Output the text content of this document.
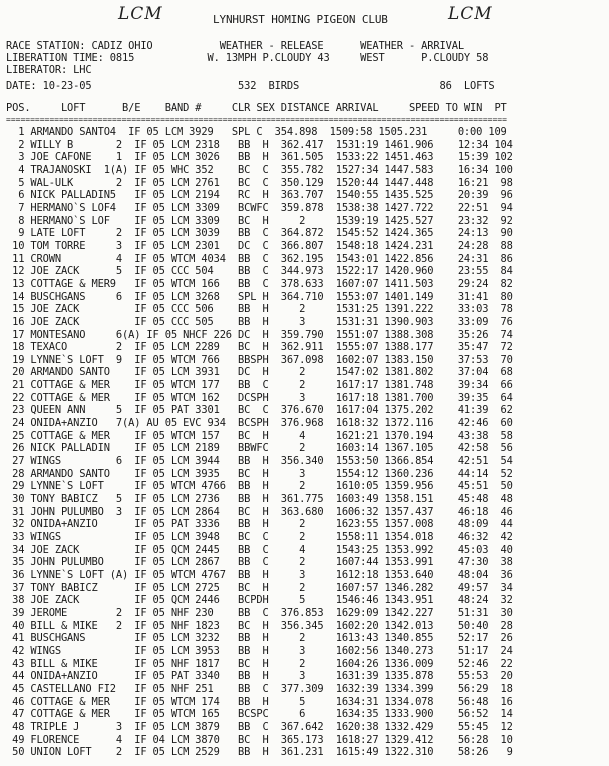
LCM	LCM
LYNHURST HOMING PIGEON CLUB
RACE STATION: CADIZ OHIO           WEATHER - RELEASE      WEATHER - ARRIVAL
LIBERATION TIME: 0815            W. 13MPH P.CLOUDY 43     WEST      P.CLOUDY 58
LIBERATOR: LHC
DATE: 10-23-05                        532  BIRDS                       86  LOFTS
POS.     LOFT      B/E    BAND #     CLR SEX DISTANCE ARRIVAL     SPEED TO WIN  PT
========================================================================================================
1 ARMANDO SANTO4  IF 05 LCM 3929   SPL C  354.898  1509:58 1505.231     0:00 109
2 WILLY B       2  IF 05 LCM 2318   BB  H  362.417  1531:19 1461.906    12:34 104
3 JOE CAFONE    1  IF 05 LCM 3026   BB  H  361.505  1533:22 1451.463    15:39 102
4 TRAJANOSKI  1(A) IF 05 WHC 352    BC  C  355.782  1527:34 1447.583    16:34 100
5 WAL-ULK       2  IF 05 LCM 2761   BC  C  350.129  1520:44 1447.448    16:21  98
6 NICK PALLADIN5   IF 05 LCM 2194   RC  H  363.707  1540:55 1435.525    20:39  96
7 HERMANO`S LOF4   IF 05 LCM 3309   BCWFC  359.878  1538:38 1427.722    22:51  94
8 HERMANO`S LOF    IF 05 LCM 3309   BC  H     2     1539:19 1425.527    23:32  92
9 LATE LOFT     2  IF 05 LCM 3039   BB  C  364.872  1545:52 1424.365    24:13  90
10 TOM TORRE     3  IF 05 LCM 2301   DC  C  366.807  1548:18 1424.231    24:28  88
11 CROWN         4  IF 05 WTCM 4034  BB  C  362.195  1543:01 1422.856    24:31  86
12 JOE ZACK      5  IF 05 CCC 504    BB  C  344.973  1522:17 1420.960    23:55  84
13 COTTAGE & MER9   IF 05 WTCM 166   BB  C  378.633  1607:07 1411.503    29:24  82
14 BUSCHGANS     6  IF 05 LCM 3268   SPL H  364.710  1553:07 1401.149    31:41  80
15 JOE ZACK         IF 05 CCC 506    BB  H     2     1531:25 1391.222    33:03  78
16 JOE ZACK         IF 05 CCC 505    BB  H     3     1531:31 1390.903    33:09  76
17 MONTESANO     6(A) IF 05 NHCF 226 DC  H  359.790  1551:07 1388.308    35:26  74
18 TEXACO        2  IF 05 LCM 2289   BC  H  362.911  1555:07 1388.177    35:47  72
19 LYNNE`S LOFT  9  IF 05 WTCM 766   BBSPH  367.098  1602:07 1383.150    37:53  70
20 ARMANDO SANTO    IF 05 LCM 3931   DC  H     2     1547:02 1381.802    37:04  68
21 COTTAGE & MER    IF 05 WTCM 177   BB  C     2     1617:17 1381.748    39:34  66
22 COTTAGE & MER    IF 05 WTCM 162   DCSPH     3     1617:18 1381.700    39:35  64
23 QUEEN ANN     5  IF 05 PAT 3301   BC  C  376.670  1617:04 1375.202    41:39  62
24 ONIDA+ANZIO   7(A) AU 05 EVC 934  BCSPH  376.968  1618:32 1372.116    42:46  60
25 COTTAGE & MER    IF 05 WTCM 157   BC  H     4     1621:21 1370.194    43:38  58
26 NICK PALLADIN    IF 05 LCM 2189   BBWFC     2     1603:14 1367.105    42:58  56
27 WINGS         6  IF 05 LCM 3944   BB  H  356.340  1553:50 1366.854    42:51  54
28 ARMANDO SANTO    IF 05 LCM 3935   BC  H     3     1554:12 1360.236    44:14  52
29 LYNNE`S LOFT     IF 05 WTCM 4766  BB  H     2     1610:05 1359.956    45:51  50
30 TONY BABICZ   5  IF 05 LCM 2736   BB  H  361.775  1603:49 1358.151    45:48  48
31 JOHN PULUMBO  3  IF 05 LCM 2864   BC  H  363.680  1606:32 1357.437    46:18  46
32 ONIDA+ANZIO      IF 05 PAT 3336   BB  H     2     1623:55 1357.008    48:09  44
33 WINGS            IF 05 LCM 3948   BC  C     2     1558:11 1354.018    46:32  42
34 JOE ZACK         IF 05 QCM 2445   BB  C     4     1543:25 1353.992    45:03  40
35 JOHN PULUMBO     IF 05 LCM 2867   BB  C     2     1607:44 1353.991    47:30  38
36 LYNNE`S LOFT (A) IF 05 WTCM 4767  BB  H     3     1612:18 1353.640    48:04  36
37 TONY BABICZ      IF 05 LCM 2725   BC  H     2     1607:57 1346.282    49:57  34
38 JOE ZACK         IF 05 QCM 2446   BCPDH     5     1546:46 1343.951    48:24  32
39 JEROME        2  IF 05 NHF 230    BB  C  376.853  1629:09 1342.227    51:31  30
40 BILL & MIKE   2  IF 05 NHF 1823   BC  H  356.345  1602:20 1342.013    50:40  28
41 BUSCHGANS        IF 05 LCM 3232   BB  H     2     1613:43 1340.855    52:17  26
42 WINGS            IF 05 LCM 3953   BB  H     3     1602:56 1340.273    51:17  24
43 BILL & MIKE      IF 05 NHF 1817   BC  H     2     1604:26 1336.009    52:46  22
44 ONIDA+ANZIO      IF 05 PAT 3340   BB  H     3     1631:39 1335.878    55:53  20
45 CASTELLANO FI2   IF 05 NHF 251    BB  C  377.309  1632:39 1334.399    56:29  18
46 COTTAGE & MER    IF 05 WTCM 174   BB  H     5     1634:31 1334.078    56:48  16
47 COTTAGE & MER    IF 05 WTCM 165   BCSPC     6     1634:35 1333.900    56:52  14
48 TRIPLE J      3  IF 05 LCM 3879   BB  C  367.642  1620:38 1332.429    55:45  12
49 FLORENCE      4  IF 04 LCM 3870   BC  H  365.173  1618:27 1329.412    56:28  10
50 UNION LOFT    2  IF 05 LCM 2529   BB  H  361.231  1615:49 1322.310    58:26   9
